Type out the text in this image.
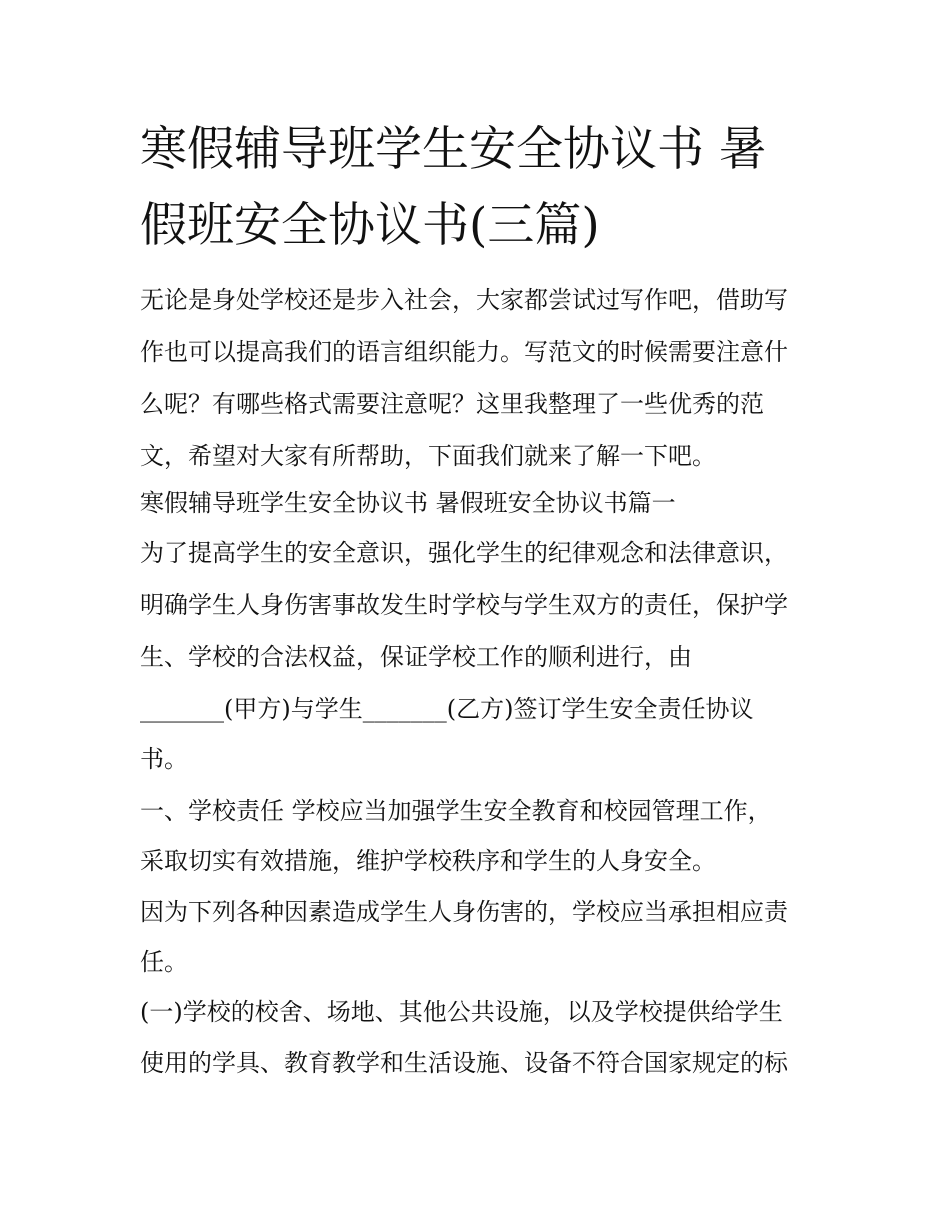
寒假辅导班学生安全协议书 暑
假班安全协议书(三篇)

无论是身处学校还是步入社会，大家都尝试过写作吧，借助写

作也可以提高我们的语言组织能力。写范文的时候需要注意什

么呢？有哪些格式需要注意呢？这里我整理了一些优秀的范

文，希望对大家有所帮助，下面我们就来了解一下吧。

寒假辅导班学生安全协议书 暑假班安全协议书篇一

为了提高学生的安全意识，强化学生的纪律观念和法律意识，

明确学生人身伤害事故发生时学校与学生双方的责任，保护学

生、学校的合法权益，保证学校工作的顺利进行，由

_______(甲方)与学生_______(乙方)签订学生安全责任协议

书。

一、学校责任 学校应当加强学生安全教育和校园管理工作，

采取切实有效措施，维护学校秩序和学生的人身安全。

因为下列各种因素造成学生人身伤害的，学校应当承担相应责

任。

(一)学校的校舍、场地、其他公共设施，以及学校提供给学生

使用的学具、教育教学和生活设施、设备不符合国家规定的标
